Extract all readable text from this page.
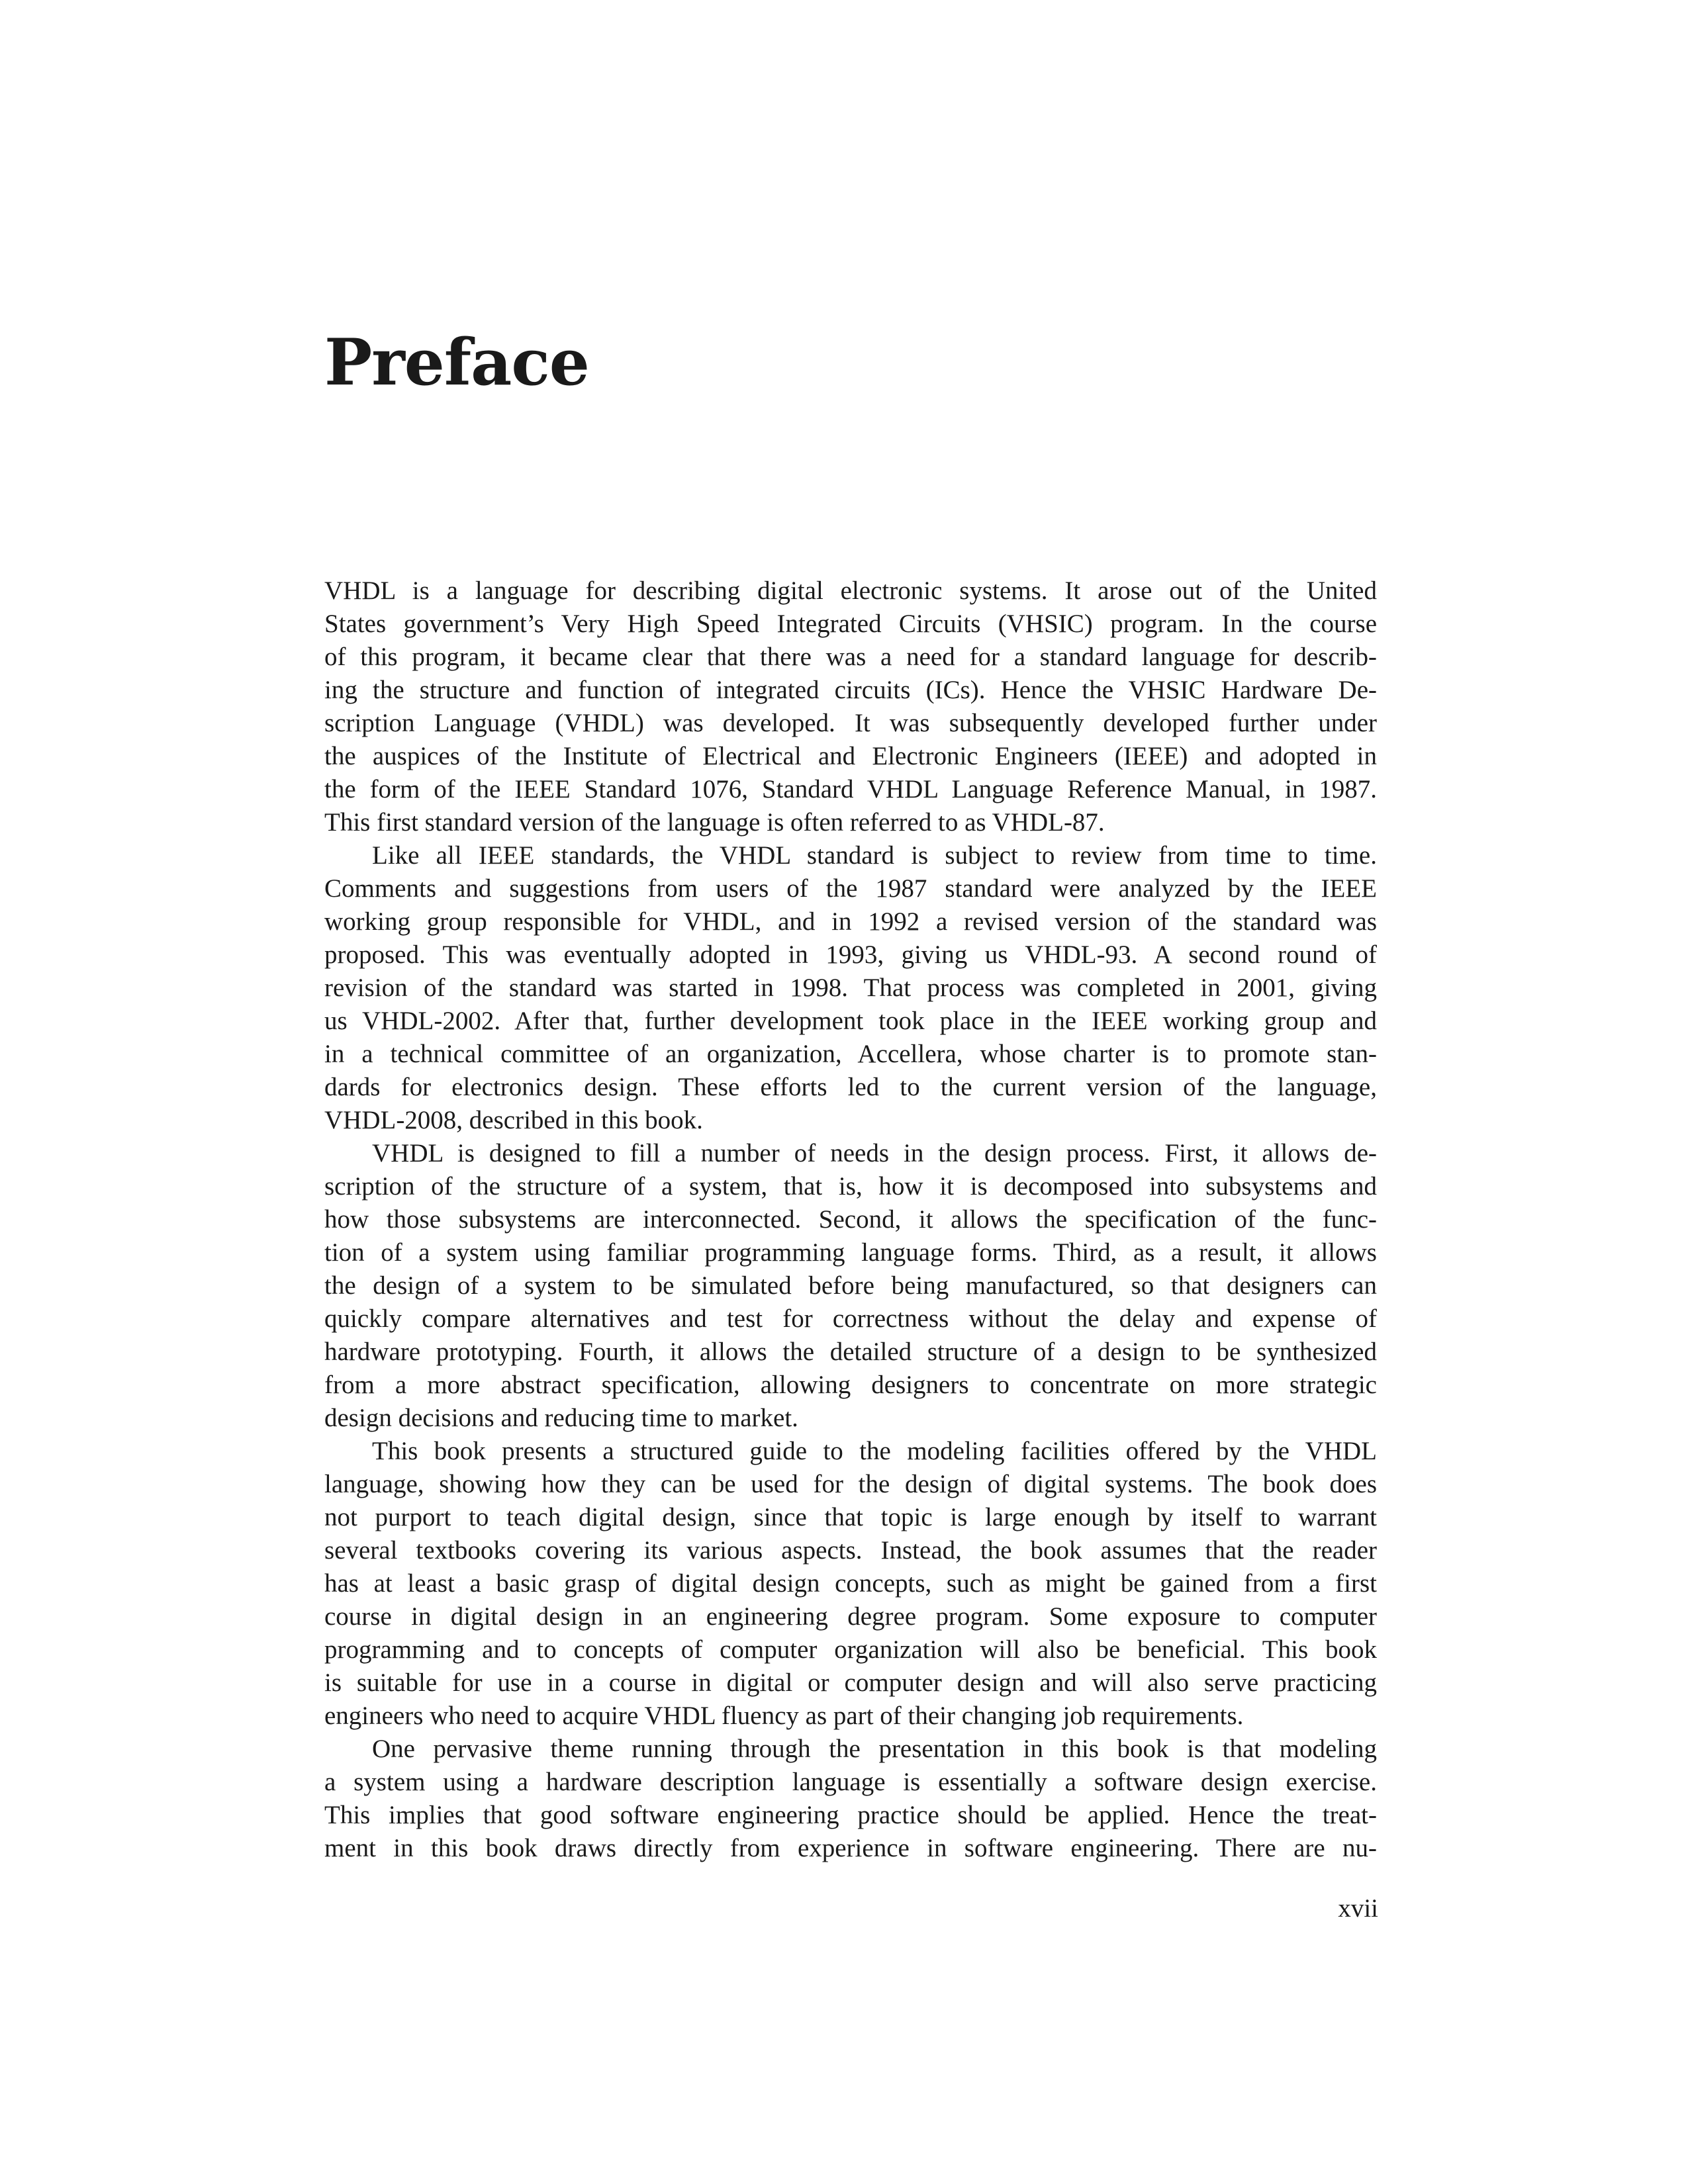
Preface
VHDL is a language for describing digital electronic systems. It arose out of the United
States government’s Very High Speed Integrated Circuits (VHSIC) program. In the course
of this program, it became clear that there was a need for a standard language for describ-
ing the structure and function of integrated circuits (ICs). Hence the VHSIC Hardware De-
scription Language (VHDL) was developed. It was subsequently developed further under
the auspices of the Institute of Electrical and Electronic Engineers (IEEE) and adopted in
the form of the IEEE Standard 1076, Standard VHDL Language Reference Manual, in 1987.
This first standard version of the language is often referred to as VHDL-87.
Like all IEEE standards, the VHDL standard is subject to review from time to time.
Comments and suggestions from users of the 1987 standard were analyzed by the IEEE
working group responsible for VHDL, and in 1992 a revised version of the standard was
proposed. This was eventually adopted in 1993, giving us VHDL-93. A second round of
revision of the standard was started in 1998. That process was completed in 2001, giving
us VHDL-2002. After that, further development took place in the IEEE working group and
in a technical committee of an organization, Accellera, whose charter is to promote stan-
dards for electronics design. These efforts led to the current version of the language,
VHDL-2008, described in this book.
VHDL is designed to fill a number of needs in the design process. First, it allows de-
scription of the structure of a system, that is, how it is decomposed into subsystems and
how those subsystems are interconnected. Second, it allows the specification of the func-
tion of a system using familiar programming language forms. Third, as a result, it allows
the design of a system to be simulated before being manufactured, so that designers can
quickly compare alternatives and test for correctness without the delay and expense of
hardware prototyping. Fourth, it allows the detailed structure of a design to be synthesized
from a more abstract specification, allowing designers to concentrate on more strategic
design decisions and reducing time to market.
This book presents a structured guide to the modeling facilities offered by the VHDL
language, showing how they can be used for the design of digital systems. The book does
not purport to teach digital design, since that topic is large enough by itself to warrant
several textbooks covering its various aspects. Instead, the book assumes that the reader
has at least a basic grasp of digital design concepts, such as might be gained from a first
course in digital design in an engineering degree program. Some exposure to computer
programming and to concepts of computer organization will also be beneficial. This book
is suitable for use in a course in digital or computer design and will also serve practicing
engineers who need to acquire VHDL fluency as part of their changing job requirements.
One pervasive theme running through the presentation in this book is that modeling
a system using a hardware description language is essentially a software design exercise.
This implies that good software engineering practice should be applied. Hence the treat-
ment in this book draws directly from experience in software engineering. There are nu-
xvii
